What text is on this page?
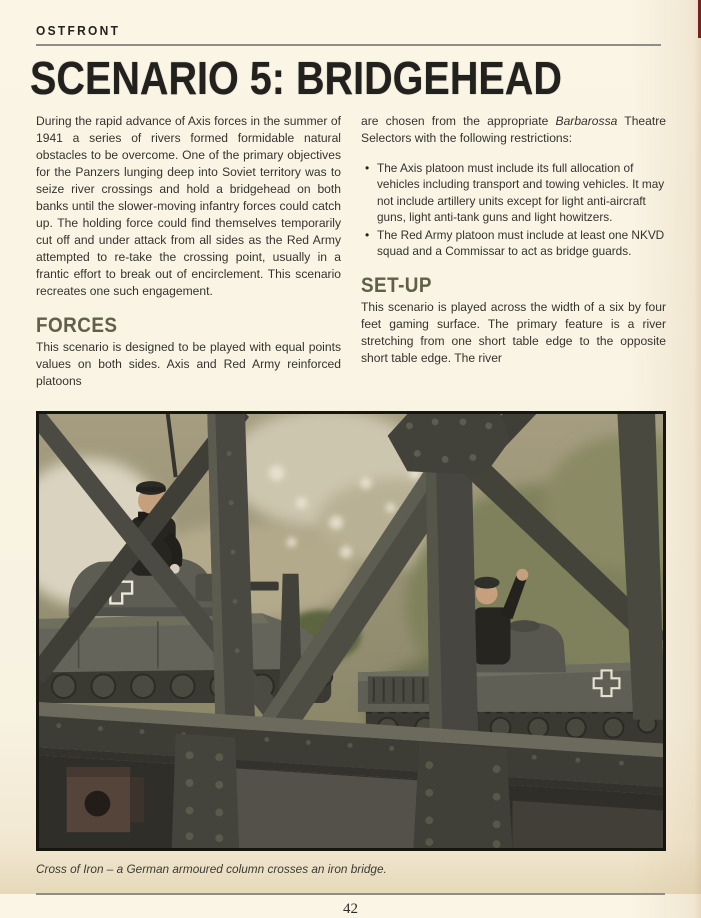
OSTFRONT
SCENARIO 5: BRIDGEHEAD

During the rapid advance of Axis forces in the summer of 1941 a series of rivers formed formidable natural obstacles to be overcome. One of the primary objectives for the Panzers lunging deep into Soviet territory was to seize river crossings and hold a bridgehead on both banks until the slower-moving infantry forces could catch up. The holding force could find themselves temporarily cut off and under attack from all sides as the Red Army attempted to re-take the crossing point, usually in a frantic effort to break out of encirclement. This scenario recreates one such engagement.

FORCES

This scenario is designed to be played with equal points values on both sides. Axis and Red Army reinforced platoons

are chosen from the appropriate Barbarossa Theatre Selectors with the following restrictions:

• The Axis platoon must include its full allocation of vehicles including transport and towing vehicles. It may not include artillery units except for light anti-aircraft guns, light anti-tank guns and light howitzers.
• The Red Army platoon must include at least one NKVD squad and a Commissar to act as bridge guards.
SET-UP

This scenario is played across the width of a six by four feet gaming surface. The primary feature is a river stretching from one short table edge to the opposite short table edge. The river

Cross of Iron – a German armoured column crosses an iron bridge.
42
